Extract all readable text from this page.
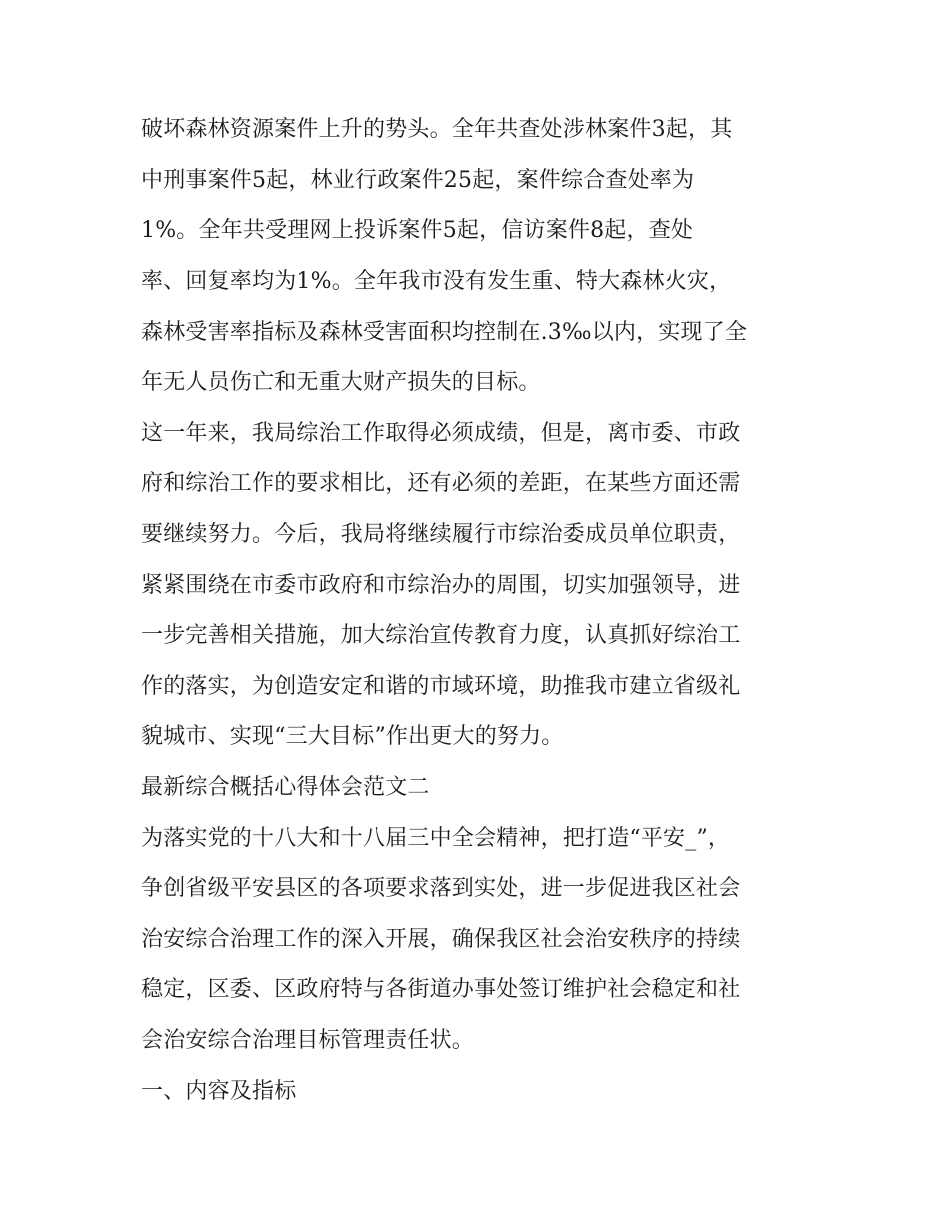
破坏森林资源案件上升的势头。全年共查处涉林案件3起，其

中刑事案件5起，林业行政案件25起，案件综合查处率为

1%。全年共受理网上投诉案件5起，信访案件8起，查处

率、回复率均为1%。全年我市没有发生重、特大森林火灾，

森林受害率指标及森林受害面积均控制在.3‰以内，实现了全

年无人员伤亡和无重大财产损失的目标。

这一年来，我局综治工作取得必须成绩，但是，离市委、市政

府和综治工作的要求相比，还有必须的差距，在某些方面还需

要继续努力。今后，我局将继续履行市综治委成员单位职责，

紧紧围绕在市委市政府和市综治办的周围，切实加强领导，进

一步完善相关措施，加大综治宣传教育力度，认真抓好综治工

作的落实，为创造安定和谐的市域环境，助推我市建立省级礼

貌城市、实现“三大目标”作出更大的努力。

最新综合概括心得体会范文二

为落实党的十八大和十八届三中全会精神，把打造“平安_”，

争创省级平安县区的各项要求落到实处，进一步促进我区社会

治安综合治理工作的深入开展，确保我区社会治安秩序的持续

稳定，区委、区政府特与各街道办事处签订维护社会稳定和社

会治安综合治理目标管理责任状。

一、内容及指标
